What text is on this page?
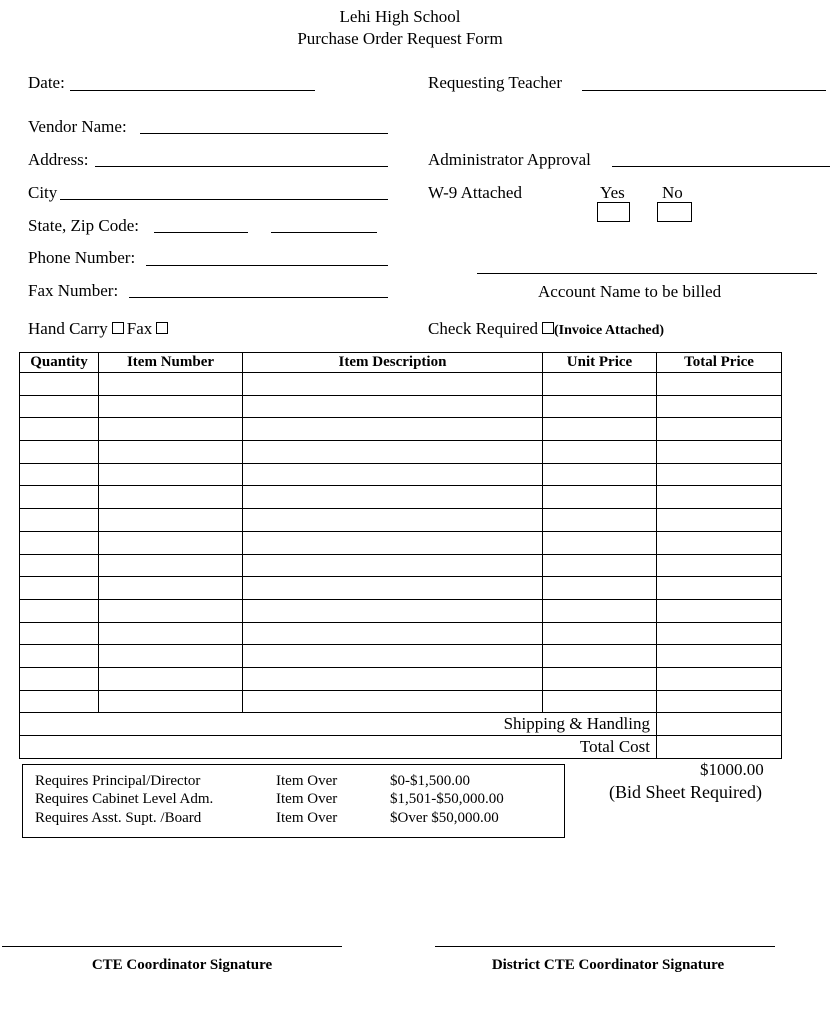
Lehi High School
Purchase Order Request Form
Date:
Vendor Name:
Address:
City
State, Zip Code:
Phone Number:
Fax Number:
Hand Carry Fax
Requesting Teacher
Administrator Approval
W-9 Attached	Yes No
Account Name to be billed
Check Required (Invoice Attached)
Quantity	Item Number	Item Description	Unit Price	Total Price

Shipping & Handling				
Total Cost				
Requires Principal/Director	Item Over	$0-$1,500.00
Requires Cabinet Level Adm.	Item Over	$1,501-$50,000.00
Requires Asst. Supt. /Board	Item Over	$Over $50,000.00
$1000.00
(Bid Sheet Required)
CTE Coordinator Signature	District CTE Coordinator Signature
